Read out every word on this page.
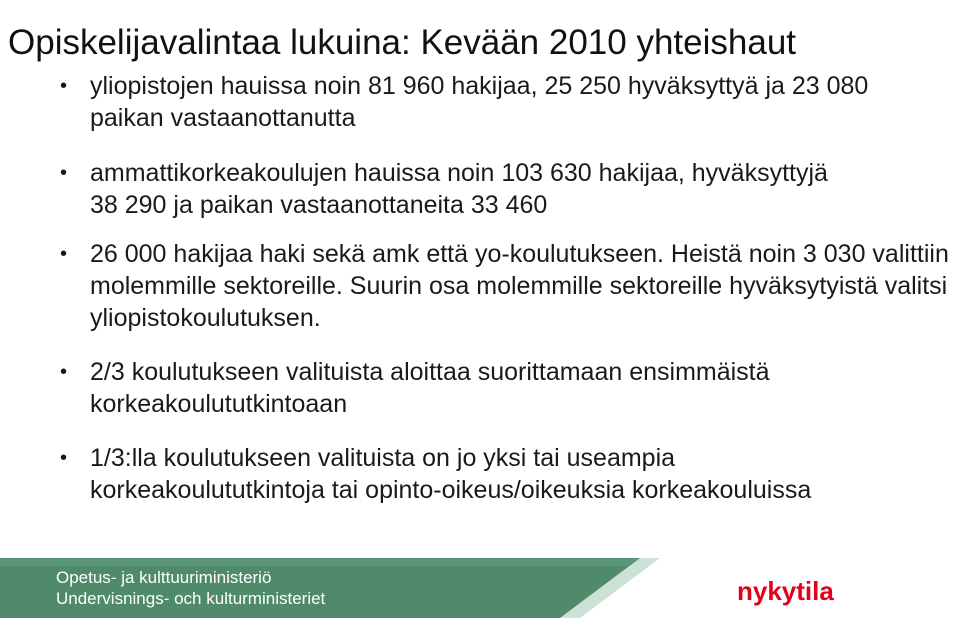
Opiskelijavalintaa lukuina: Kevään 2010 yhteishaut
• yliopistojen hauissa noin 81 960 hakijaa, 25 250 hyväksyttyä ja 23 080 paikan vastaanottanutta
• ammattikorkeakoulujen hauissa noin 103 630 hakijaa, hyväksyttyjä 38 290 ja paikan vastaanottaneita 33 460
• 26 000 hakijaa haki sekä amk että yo-koulutukseen. Heistä noin 3 030 valittiin molemmille sektoreille. Suurin osa molemmille sektoreille hyväksytyistä valitsi yliopistokoulutuksen.
• 2/3 koulutukseen valituista aloittaa suorittamaan ensimmäistä korkeakoulututkintoaan
• 1/3:lla koulutukseen valituista on jo yksi tai useampia korkeakoulututkintoja tai opinto-oikeus/oikeuksia korkeakouluissa
Opetus- ja kulttuuriministeriö
Undervisnings- och kulturministeriet	nykytila
